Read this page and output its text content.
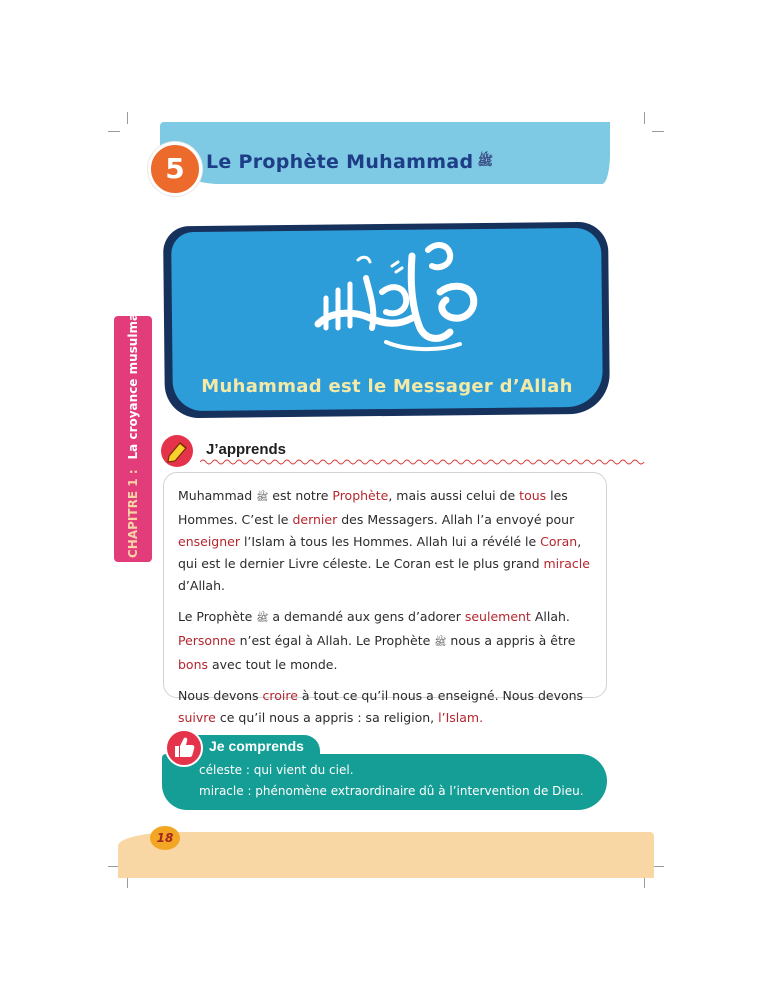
5	Le Prophète Muhammad ﷺ
CHAPITRE 1 :La croyance musulmane	Muhammad est le Messager d’Allah

J’apprends

Muhammad ﷺ est notre Prophète, mais aussi celui de tous les Hommes. C’est le dernier des Messagers. Allah l’a envoyé pour enseigner l’Islam à tous les Hommes. Allah lui a révélé le Coran, qui est le dernier Livre céleste. Le Coran est le plus grand miracle d’Allah.

Le Prophète ﷺ a demandé aux gens d’adorer seulement Allah. Personne n’est égal à Allah. Le Prophète ﷺ nous a appris à être bons avec tout le monde.

Nous devons croire à tout ce qu’il nous a enseigné. Nous devons suivre ce qu’il nous a appris : sa religion, l’Islam.

Je comprends

céleste : qui vient du ciel.

miracle : phénomène extraordinaire dû à l’intervention de Dieu.

18
